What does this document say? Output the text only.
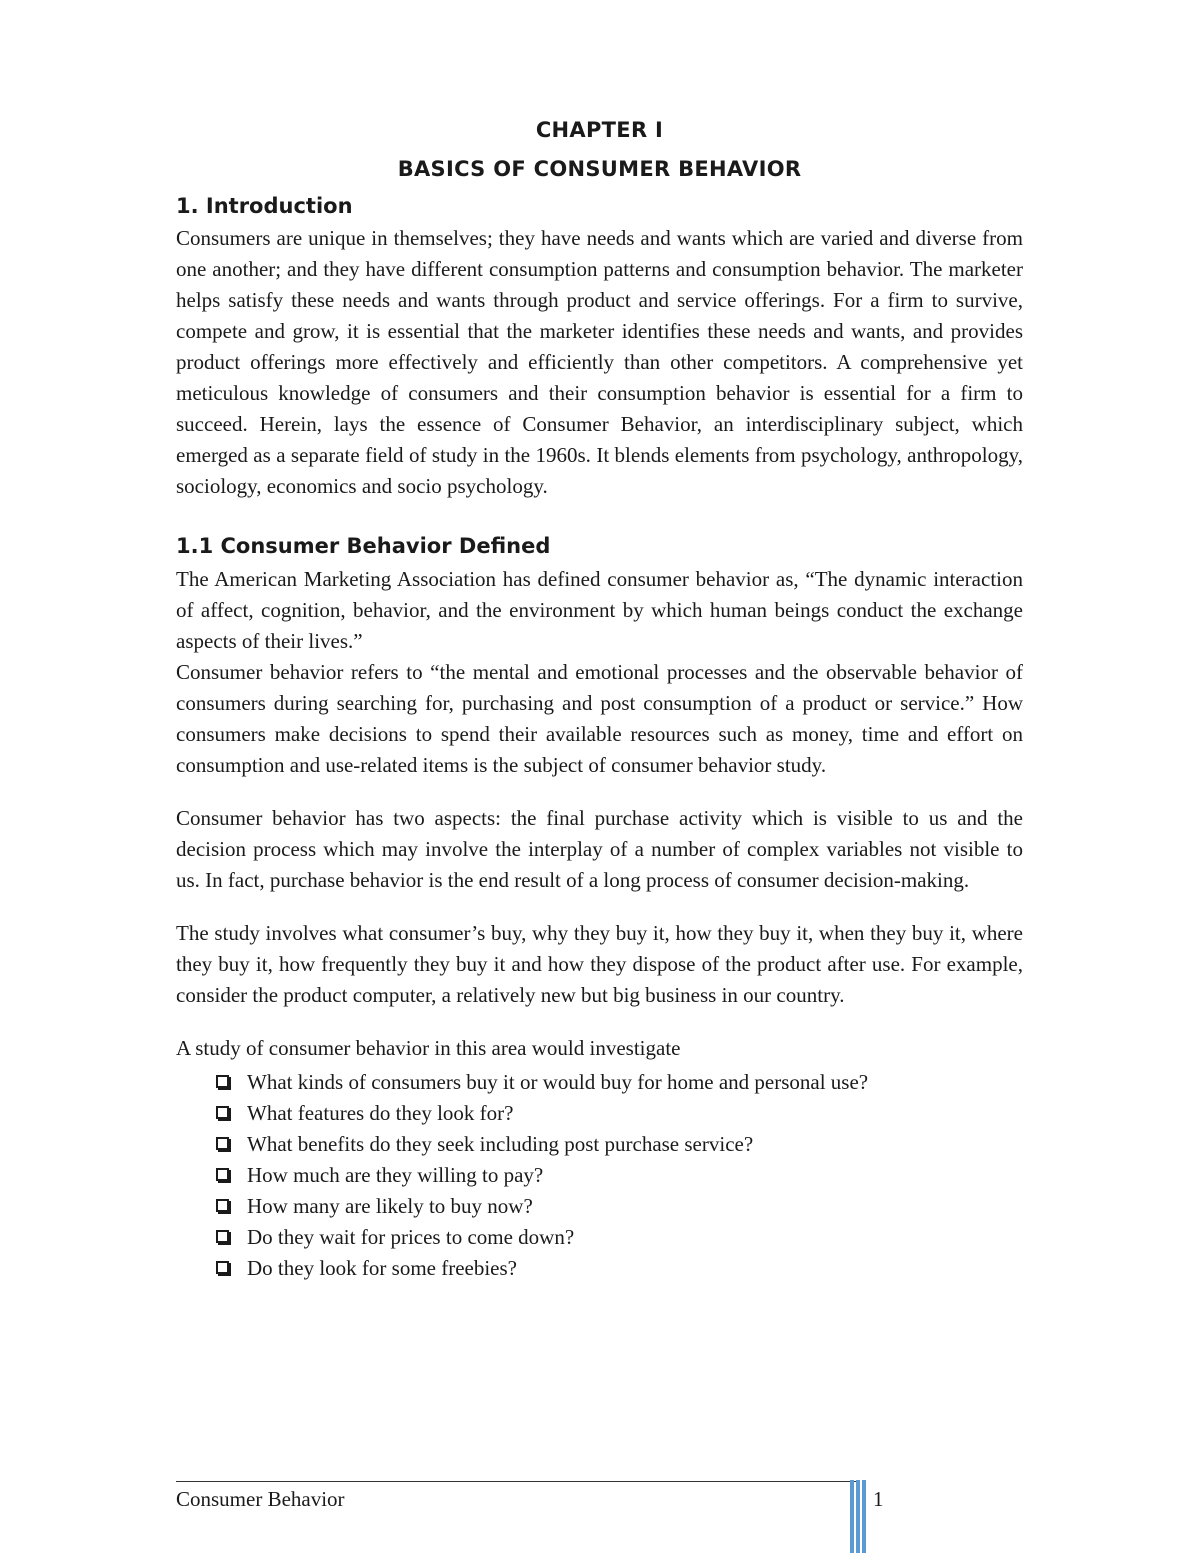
CHAPTER I
BASICS OF CONSUMER BEHAVIOR
1. Introduction

Consumers are unique in themselves; they have needs and wants which are varied and diverse from one another; and they have different consumption patterns and consumption behavior. The marketer helps satisfy these needs and wants through product and service offerings. For a firm to survive, compete and grow, it is essential that the marketer identifies these needs and wants, and provides product offerings more effectively and efficiently than other competitors. A comprehensive yet meticulous knowledge of consumers and their consumption behavior is essential for a firm to succeed. Herein, lays the essence of Consumer Behavior, an interdisciplinary subject, which emerged as a separate field of study in the 1960s. It blends elements from psychology, anthropology, sociology, economics and socio psychology.

1.1 Consumer Behavior Defined

The American Marketing Association has defined consumer behavior as, “The dynamic interaction of affect, cognition, behavior, and the environment by which human beings conduct the exchange aspects of their lives.”

Consumer behavior refers to “the mental and emotional processes and the observable behavior of consumers during searching for, purchasing and post consumption of a product or service.” How consumers make decisions to spend their available resources such as money, time and effort on consumption and use-related items is the subject of consumer behavior study.

Consumer behavior has two aspects: the final purchase activity which is visible to us and the decision process which may involve the interplay of a number of complex variables not visible to us. In fact, purchase behavior is the end result of a long process of consumer decision-making.

The study involves what consumer’s buy, why they buy it, how they buy it, when they buy it, where they buy it, how frequently they buy it and how they dispose of the product after use. For example, consider the product computer, a relatively new but big business in our country.

A study of consumer behavior in this area would investigate

What kinds of consumers buy it or would buy for home and personal use?
What features do they look for?
What benefits do they seek including post purchase service?
How much are they willing to pay?
How many are likely to buy now?
Do they wait for prices to come down?
Do they look for some freebies?
Consumer Behavior	1
